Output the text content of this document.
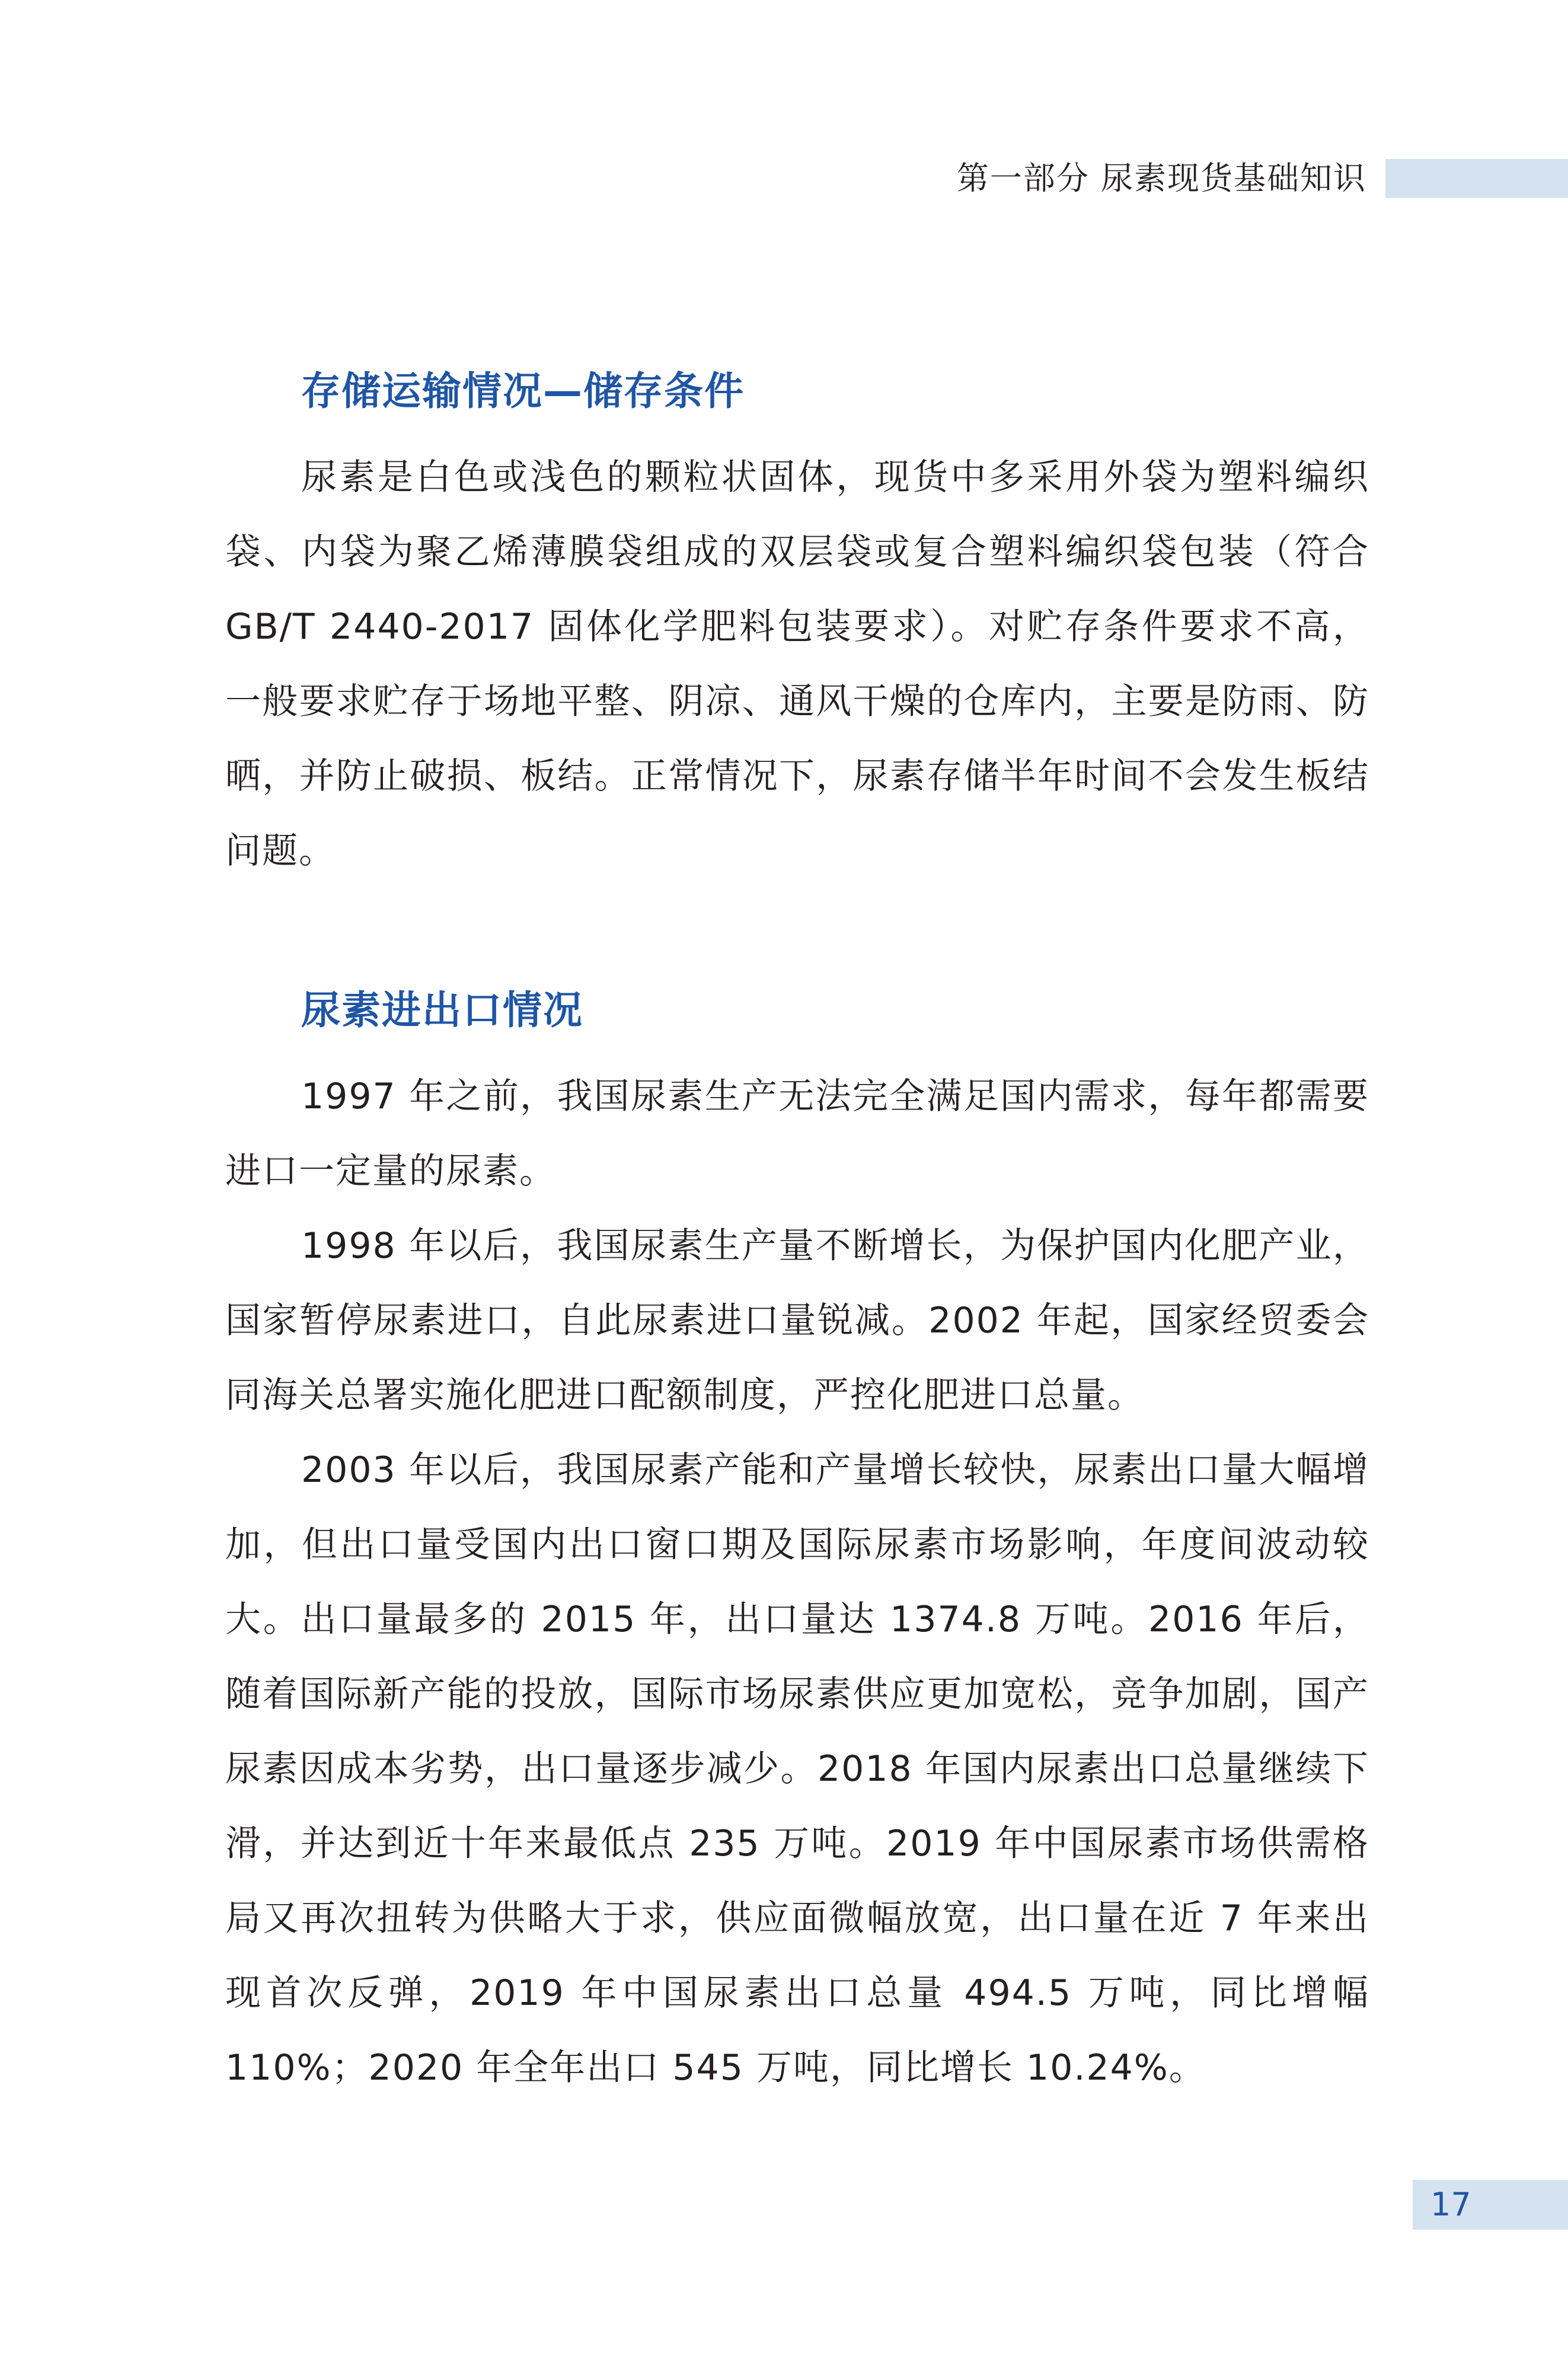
第一部分 尿素现货基础知识
存储运输情况—储存条件

尿素是白色或浅色的颗粒状固体，现货中多采用外袋为塑料编织袋、内袋为聚乙烯薄膜袋组成的双层袋或复合塑料编织袋包装（符合 GB/T 2440-2017 固体化学肥料包装要求）。对贮存条件要求不高，一般要求贮存于场地平整、阴凉、通风干燥的仓库内，主要是防雨、防晒，并防止破损、板结。正常情况下，尿素存储半年时间不会发生板结问题。

尿素进出口情况

1997 年之前，我国尿素生产无法完全满足国内需求，每年都需要进口一定量的尿素。

1998 年以后，我国尿素生产量不断增长，为保护国内化肥产业，国家暂停尿素进口，自此尿素进口量锐减。2002 年起，国家经贸委会同海关总署实施化肥进口配额制度，严控化肥进口总量。

2003 年以后，我国尿素产能和产量增长较快，尿素出口量大幅增加，但出口量受国内出口窗口期及国际尿素市场影响，年度间波动较大。出口量最多的 2015 年，出口量达 1374.8 万吨。2016 年后，随着国际新产能的投放，国际市场尿素供应更加宽松，竞争加剧，国产尿素因成本劣势，出口量逐步减少。2018 年国内尿素出口总量继续下滑，并达到近十年来最低点 235 万吨。2019 年中国尿素市场供需格局又再次扭转为供略大于求，供应面微幅放宽，出口量在近 7 年来出现首次反弹，2019 年中国尿素出口总量 494.5 万吨，同比增幅 110%；2020 年全年出口 545 万吨，同比增长 10.24%。

17
